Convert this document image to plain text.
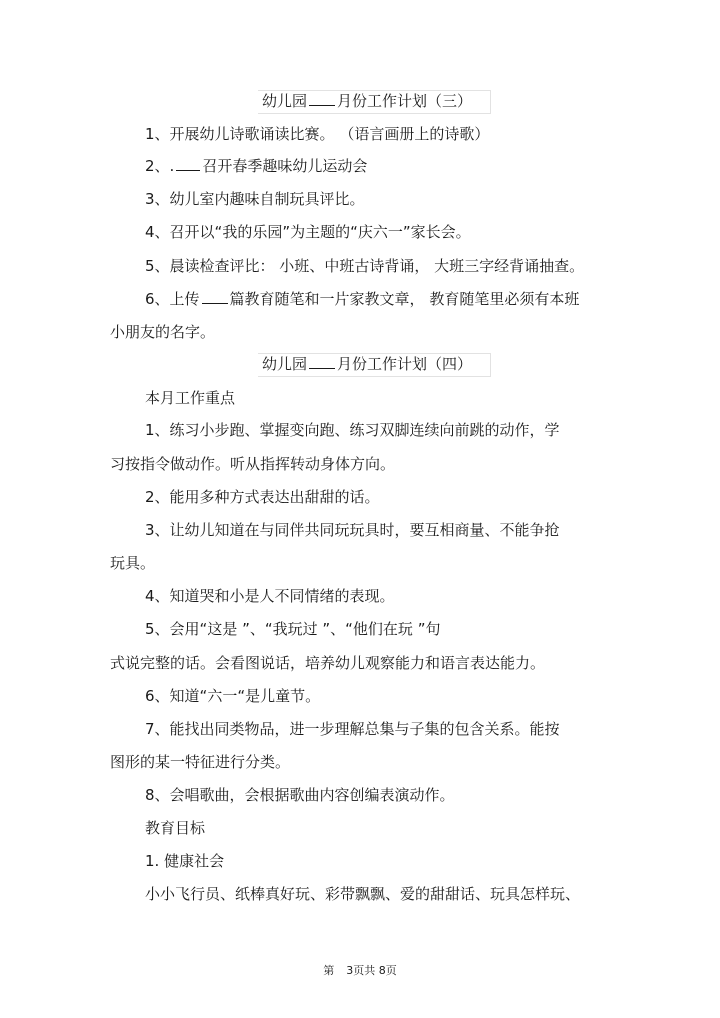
幼儿园 月份工作计划（三）
1、开展幼儿诗歌诵读比赛。 （语言画册上的诗歌）
2、. 召开春季趣味幼儿运动会
3、幼儿室内趣味自制玩具评比。
4、召开以“我的乐园”为主题的“庆六一”家长会。
5、晨读检查评比： 小班、中班古诗背诵， 大班三字经背诵抽查。
6、上传 篇教育随笔和一片家教文章， 教育随笔里必须有本班
小朋友的名字。
幼儿园 月份工作计划（四）
本月工作重点
1、练习小步跑、掌握变向跑、练习双脚连续向前跳的动作，学
习按指令做动作。听从指挥转动身体方向。
2、能用多种方式表达出甜甜的话。
3、让幼儿知道在与同伴共同玩玩具时，要互相商量、不能争抢
玩具。
4、知道哭和小是人不同情绪的表现。
5、会用“这是 ”、“我玩过 ”、“他们在玩 ”句
式说完整的话。会看图说话，培养幼儿观察能力和语言表达能力。
6、知道“六一“是儿童节。
7、能找出同类物品，进一步理解总集与子集的包含关系。能按
图形的某一特征进行分类。
8、会唱歌曲，会根据歌曲内容创编表演动作。
教育目标
1. 健康社会
小小飞行员、纸棒真好玩、彩带飘飘、爱的甜甜话、玩具怎样玩、
第 3页共 8页
